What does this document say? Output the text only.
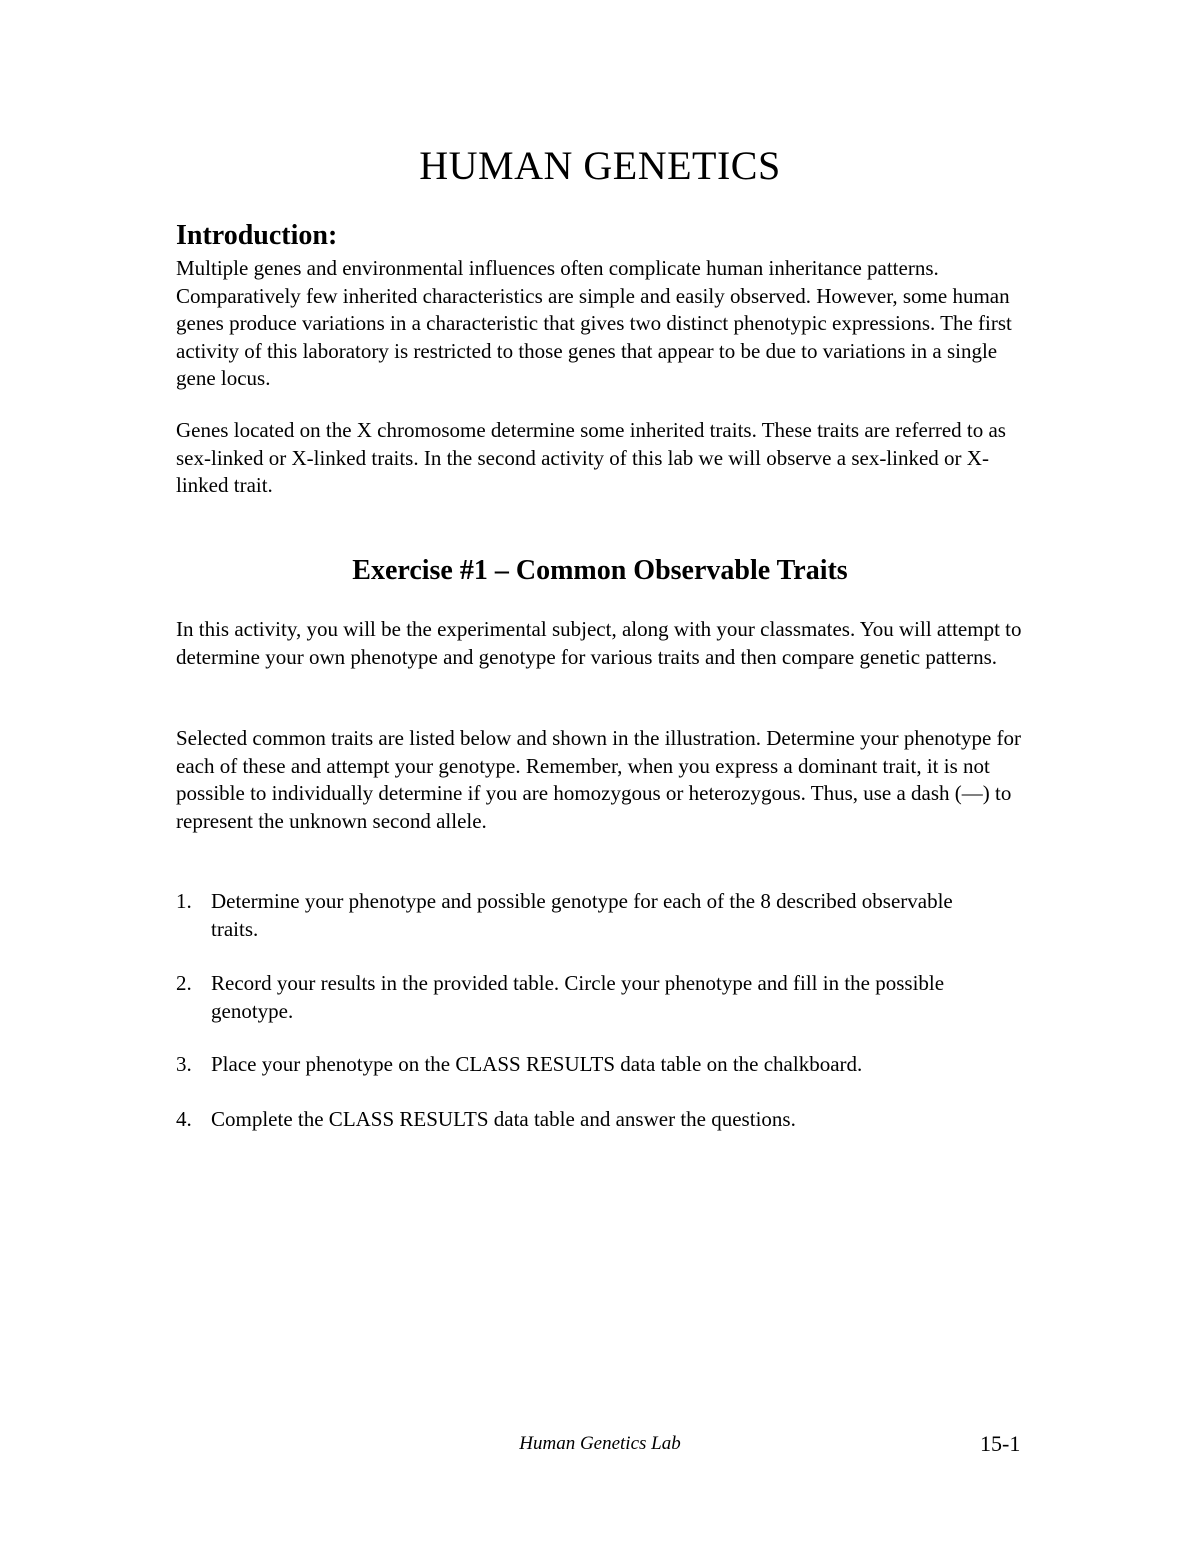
HUMAN GENETICS
Introduction:

Multiple genes and environmental influences often complicate human inheritance patterns. Comparatively few inherited characteristics are simple and easily observed. However, some human genes produce variations in a characteristic that gives two distinct phenotypic expressions. The first activity of this laboratory is restricted to those genes that appear to be due to variations in a single gene locus.

Genes located on the X chromosome determine some inherited traits. These traits are referred to as sex-linked or X-linked traits. In the second activity of this lab we will observe a sex-linked or X-linked trait.

Exercise #1 – Common Observable Traits

In this activity, you will be the experimental subject, along with your classmates. You will attempt to determine your own phenotype and genotype for various traits and then compare genetic patterns.

Selected common traits are listed below and shown in the illustration. Determine your phenotype for each of these and attempt your genotype. Remember, when you express a dominant trait, it is not possible to individually determine if you are homozygous or heterozygous. Thus, use a dash (—) to represent the unknown second allele.

1. Determine your phenotype and possible genotype for each of the 8 described observable traits.
2. Record your results in the provided table. Circle your phenotype and fill in the possible genotype.
3. Place your phenotype on the CLASS RESULTS data table on the chalkboard.
4. Complete the CLASS RESULTS data table and answer the questions.
Human Genetics Lab	15-1
